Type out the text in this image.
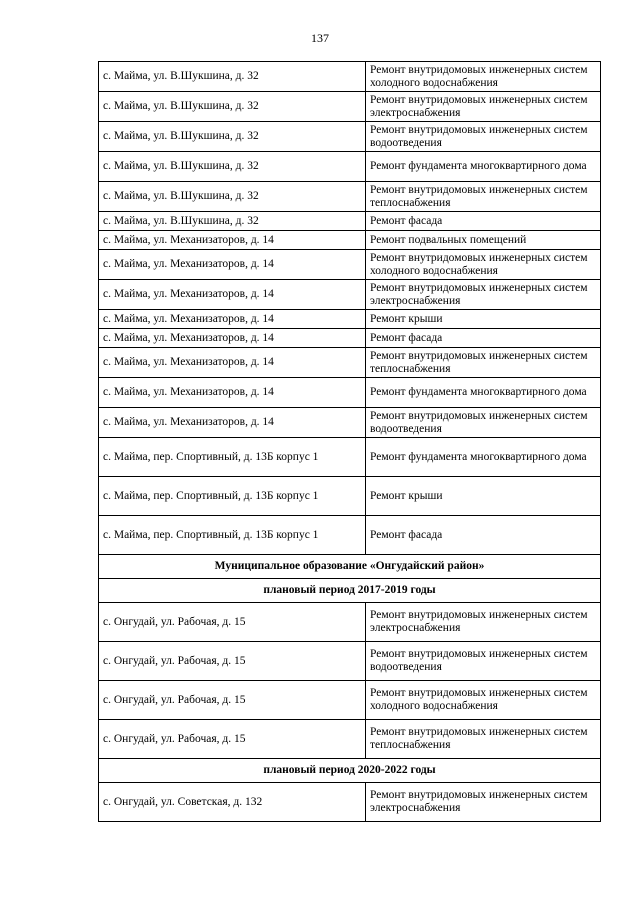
137
с. Майма, ул. В.Шукшина, д. 32	Ремонт внутридомовых инженерных систем холодного водоснабжения
с. Майма, ул. В.Шукшина, д. 32	Ремонт внутридомовых инженерных систем электроснабжения
с. Майма, ул. В.Шукшина, д. 32	Ремонт внутридомовых инженерных систем водоотведения
с. Майма, ул. В.Шукшина, д. 32	Ремонт фундамента многоквартирного дома
с. Майма, ул. В.Шукшина, д. 32	Ремонт внутридомовых инженерных систем теплоснабжения
с. Майма, ул. В.Шукшина, д. 32	Ремонт фасада
с. Майма, ул. Механизаторов, д. 14	Ремонт подвальных помещений
с. Майма, ул. Механизаторов, д. 14	Ремонт внутридомовых инженерных систем холодного водоснабжения
с. Майма, ул. Механизаторов, д. 14	Ремонт внутридомовых инженерных систем электроснабжения
с. Майма, ул. Механизаторов, д. 14	Ремонт крыши
с. Майма, ул. Механизаторов, д. 14	Ремонт фасада
с. Майма, ул. Механизаторов, д. 14	Ремонт внутридомовых инженерных систем теплоснабжения
с. Майма, ул. Механизаторов, д. 14	Ремонт фундамента многоквартирного дома
с. Майма, ул. Механизаторов, д. 14	Ремонт внутридомовых инженерных систем водоотведения
с. Майма, пер. Спортивный, д. 13Б корпус 1	Ремонт фундамента многоквартирного дома
с. Майма, пер. Спортивный, д. 13Б корпус 1	Ремонт крыши
с. Майма, пер. Спортивный, д. 13Б корпус 1	Ремонт фасада
Муниципальное образование «Онгудайский район»	
плановый период 2017-2019 годы	
с. Онгудай, ул. Рабочая, д. 15	Ремонт внутридомовых инженерных систем электроснабжения
с. Онгудай, ул. Рабочая, д. 15	Ремонт внутридомовых инженерных систем водоотведения
с. Онгудай, ул. Рабочая, д. 15	Ремонт внутридомовых инженерных систем холодного водоснабжения
с. Онгудай, ул. Рабочая, д. 15	Ремонт внутридомовых инженерных систем теплоснабжения
плановый период 2020-2022 годы	
с. Онгудай, ул. Советская, д. 132	Ремонт внутридомовых инженерных систем электроснабжения
